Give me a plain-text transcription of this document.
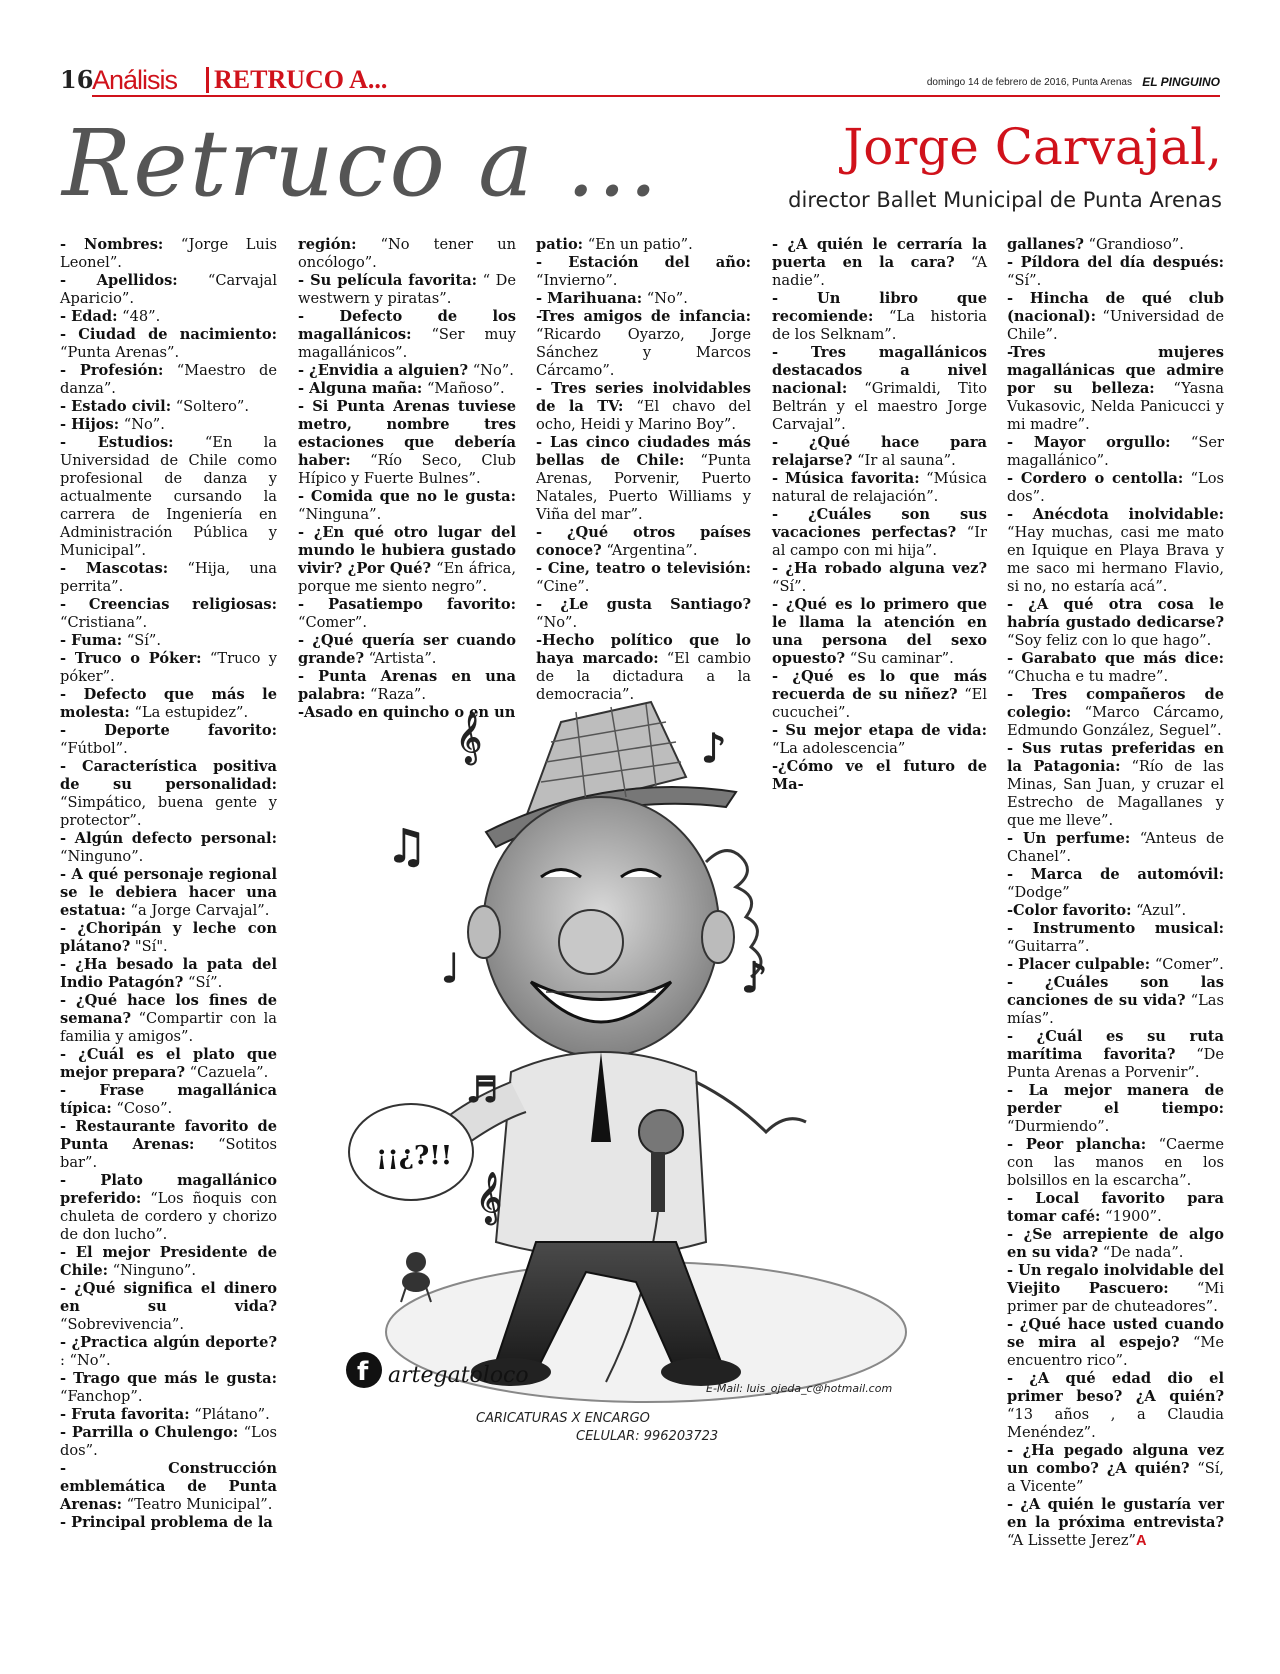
16
Análisis RETRUCO A...	domingo 14 de febrero de 2016, Punta Arenas EL PINGUINO
Retruco a ...	Jorge Carvajal,
director Ballet Municipal de Punta Arenas
- Nombres: “Jorge Luis Leonel”.
- Apellidos: “Carvajal Aparicio”.
- Edad: “48”.
- Ciudad de nacimiento: “Punta Arenas”.
- Profesión: “Maestro de danza”.
- Estado civil: “Soltero”.
- Hijos: “No”.
- Estudios: “En la Universidad de Chile como profesional de danza y actualmente cursando la carrera de Ingeniería en Administración Pública y Municipal”.
- Mascotas: “Hija, una perrita”.
- Creencias religiosas: “Cristiana”.
- Fuma: “Sí”.
- Truco o Póker: “Truco y póker”.
- Defecto que más le molesta: “La estupidez”.
- Deporte favorito: “Fútbol”.
- Característica positiva de su personalidad: “Simpático, buena gente y protector”.
- Algún defecto personal: “Ninguno”.
- A qué personaje regional se le debiera hacer una estatua: “a Jorge Carvajal”.
- ¿Choripán y leche con plátano? "Sí".
- ¿Ha besado la pata del Indio Patagón? “Sí”.
- ¿Qué hace los fines de semana? “Compartir con la familia y amigos”.
- ¿Cuál es el plato que mejor prepara? “Cazuela”.
- Frase magallánica típica: “Coso”.
- Restaurante favorito de Punta Arenas: “Sotitos bar”.
- Plato magallánico preferido: “Los ñoquis con chuleta de cordero y chorizo de don lucho”.
- El mejor Presidente de Chile: “Ninguno”.
- ¿Qué significa el dinero en su vida? “Sobrevivencia”.
- ¿Practica algún deporte? : “No”.
- Trago que más le gusta: “Fanchop”.
- Fruta favorita: “Plátano”.
- Parrilla o Chulengo: “Los dos”.
- Construcción emblemática de Punta Arenas: “Teatro Municipal”.
- Principal problema de la
región: “No tener un oncólogo”.
- Su película favorita: “ De westwern y piratas”.
- Defecto de los magallánicos: “Ser muy magallánicos”.
- ¿Envidia a alguien? “No”.
- Alguna maña: “Mañoso”.
- Si Punta Arenas tuviese metro, nombre tres estaciones que debería haber: “Río Seco, Club Hípico y Fuerte Bulnes”.
- Comida que no le gusta: “Ninguna”.
- ¿En qué otro lugar del mundo le hubiera gustado vivir? ¿Por Qué? “En áfrica, porque me siento negro”.
- Pasatiempo favorito: “Comer”.
- ¿Qué quería ser cuando grande? “Artista”.
- Punta Arenas en una palabra: “Raza”.
-Asado en quincho o en un
patio: “En un patio”.
- Estación del año: “Invierno”.
- Marihuana: “No”.
-Tres amigos de infancia: “Ricardo Oyarzo, Jorge Sánchez y Marcos Cárcamo”.
- Tres series inolvidables de la TV: “El chavo del ocho, Heidi y Marino Boy”.
- Las cinco ciudades más bellas de Chile: “Punta Arenas, Porvenir, Puerto Natales, Puerto Williams y Viña del mar”.
- ¿Qué otros países conoce? “Argentina”.
- Cine, teatro o televisión: “Cine”.
- ¿Le gusta Santiago? “No”.
-Hecho político que lo haya marcado: “El cambio de la dictadura a la democracia”.
- ¿A quién le cerraría la puerta en la cara? “A nadie”.
- Un libro que recomiende: “La historia de los Selknam”.
- Tres magallánicos destacados a nivel nacional: “Grimaldi, Tito Beltrán y el maestro Jorge Carvajal”.
- ¿Qué hace para relajarse? “Ir al sauna”.
- Música favorita: “Música natural de relajación”.
- ¿Cuáles son sus vacaciones perfectas? “Ir al campo con mi hija”.
- ¿Ha robado alguna vez? “Sí”.
- ¿Qué es lo primero que le llama la atención en una persona del sexo opuesto? “Su caminar”.
- ¿Qué es lo que más recuerda de su niñez? “El cucuchei”.
- Su mejor etapa de vida: “La adolescencia”
-¿Cómo ve el futuro de Ma-
gallanes? “Grandioso”.
- Píldora del día después: “Sí”.
- Hincha de qué club (nacional): “Universidad de Chile”.
-Tres mujeres magallánicas que admire por su belleza: “Yasna Vukasovic, Nelda Panicucci y mi madre”.
- Mayor orgullo: “Ser magallánico”.
- Cordero o centolla: “Los dos”.
- Anécdota inolvidable: “Hay muchas, casi me mato en Iquique en Playa Brava y me saco mi hermano Flavio, si no, no estaría acá”.
- ¿A qué otra cosa le habría gustado dedicarse? “Soy feliz con lo que hago”.
- Garabato que más dice: “Chucha e tu madre”.
- Tres compañeros de colegio: “Marco Cárcamo, Edmundo González, Seguel”.
- Sus rutas preferidas en la Patagonia: “Río de las Minas, San Juan, y cruzar el Estrecho de Magallanes y que me lleve”.
- Un perfume: “Anteus de Chanel”.
- Marca de automóvil: “Dodge”
-Color favorito: “Azul”.
- Instrumento musical: “Guitarra”.
- Placer culpable: “Comer”.
- ¿Cuáles son las canciones de su vida? “Las mías”.
- ¿Cuál es su ruta marítima favorita? “De Punta Arenas a Porvenir”.
- La mejor manera de perder el tiempo: “Durmiendo”.
- Peor plancha: “Caerme con las manos en los bolsillos en la escarcha”.
- Local favorito para tomar café: “1900”.
- ¿Se arrepiente de algo en su vida? “De nada”.
- Un regalo inolvidable del Viejito Pascuero: “Mi primer par de chuteadores”.
- ¿Qué hace usted cuando se mira al espejo? “Me encuentro rico”.
- ¿A qué edad dio el primer beso? ¿A quién? “13 años , a Claudia Menéndez”.
- ¿Ha pegado alguna vez un combo? ¿A quién? “Sí, a Vicente”
- ¿A quién le gustaría ver en la próxima entrevista? “A Lissette Jerez”A
𝄞	♪
♫
♩	♪
♬
𝄞
¡¡¿?!!
f artegatoloco
CARICATURAS X ENCARGO
CELULAR: 996203723
E-Mail: luis_ojeda_c@hotmail.com
